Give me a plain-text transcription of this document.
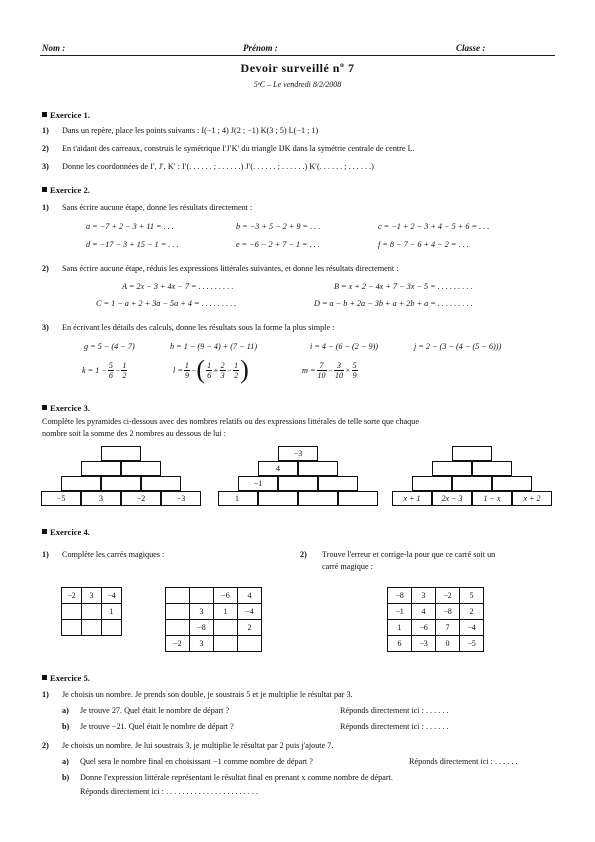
Nom :	Prénom :	Classe :
Devoir surveillé nº 7
5ᵉC – Le vendredi 8/2/2008
Exercice 1.
1) Dans un repère, place les points suivants : I(−1 ; 4) J(2 ; −1) K(3 ; 5) L(−1 ; 1)
2) En t'aidant des carreaux, construis le symétrique I′J′K′ du triangle IJK dans la symétrie centrale de centre L.
3) Donne les coordonnées de I′, J′, K′ : I′(. . . . . . ; . . . . . .) J′(. . . . . . ; . . . . . .) K′(. . . . . . ; . . . . . .)
Exercice 2.
1) Sans écrire aucune étape, donne les résultats directement :
a = −7 + 2 − 3 + 11 = . . .	b = −3 + 5 − 2 + 9 = . . .	c = −1 + 2 − 3 + 4 − 5 + 6 = . . .
d = −17 − 3 + 15 − 1 = . . .	e = −6 − 2 + 7 − 1 = . . .	f = 8 − 7 − 6 + 4 − 2 = . . .
2) Sans écrire aucune étape, réduis les expressions littérales suivantes, et donne les résultats directement :
A = 2x − 3 + 4x − 7 = . . . . . . . . .	B = x + 2 − 4x + 7 − 3x − 5 = . . . . . . . . .
C = 1 − a + 2 + 3a − 5a + 4 = . . . . . . . . .	D = a − b + 2a − 3b + a + 2b + a = . . . . . . . . .
3) En écrivant les détails des calculs, donne les résultats sous la forme la plus simple :
g = 5 − (4 − 7)	h = 1 − (9 − 4) + (7 − 11)	i = 4 − (6 − (2 − 9))	j = 2 − (3 − (4 − (5 − 6)))
$k = 1 - \frac{5}{6} - \frac{1}{2}$	$l = \frac{1}{9}$ − ( $\frac{1}{6} + \frac{2}{3} - \frac{1}{2}$ )	$m = \frac{7}{10} - \frac{3}{10} \times \frac{5}{9}$
Exercice 3.
Complète les pyramides ci-dessous avec des nombres relatifs ou des expressions littérales de telle sorte que chaque
nombre soit la somme des 2 nombres au dessous de lui :
−5	3	−2	−3
−3
4
−1
1	x + 1	2x − 3	1 − x	x + 2
Exercice 4.
1) Complète les carrés magiques :	2) Trouve l'erreur et corrige-la pour que ce carré soit un
carré magique :
−2	3	−4
		1

		−6	4
	3	1	−4
	−8		2
−2	3		
−8	3	−2	5
−1	4	−8	2
1	−6	7	−4
6	−3	0	−5
Exercice 5.
1) Je choisis un nombre. Je prends son double, je soustrais 5 et je multiplie le résultat par 3.
a) Je trouve 27. Quel était le nombre de départ ?	Réponds directement ici : . . . . . .
b) Je trouve −21. Quel était le nombre de départ ?	Réponds directement ici : . . . . . .
2) Je choisis un nombre. Je lui soustrais 3, je multiplie le résultat par 2 puis j'ajoute 7.
a) Quel sera le nombre final en choisissant −1 comme nombre de départ ?	Réponds directement ici : . . . . . .
b) Donne l'expression littérale représentant le résultat final en prenant x comme nombre de départ.
Réponds directement ici : . . . . . . . . . . . . . . . . . . . . . . .
